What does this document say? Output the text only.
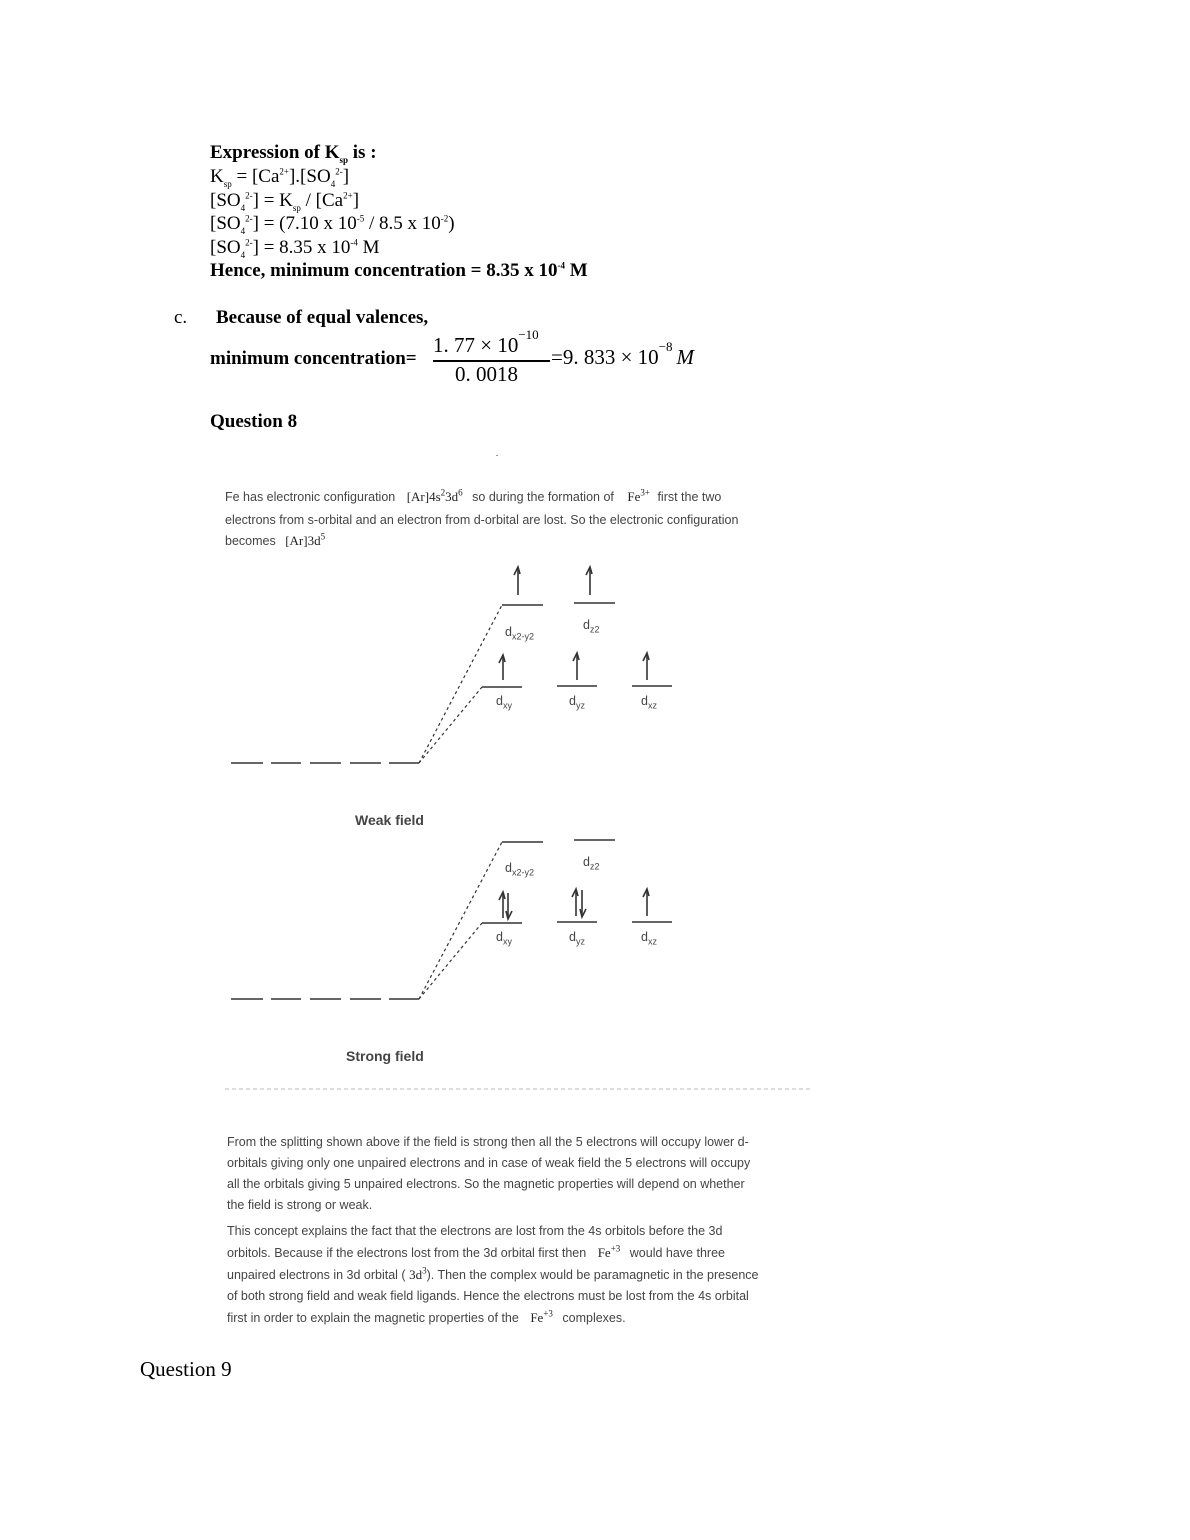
Expression of $K_{sp}$ is :
$K_{sp} = [Ca^{2+}].[SO_4^{2-}]$
$[SO_4^{2-}] = K_{sp} / [Ca^{2+}]$
$[SO_4^{2-}] = (7.10$ x $10^{-5} / 8.5$ x $10^{-2}$)
$[SO_4^{2-}] = 8.35$ x $10^{-4}$ M
Hence, minimum concentration = 8.35 x $10^{-4}$ M
c. Because of equal valences,
minimum concentration=
1. $77 \times 10^{-10}$
0. 0018
=9. $833 \times 10^{-8}$ M
Question 8
Fe has electronic configuration $[Ar]4s^23d^6$ so during the formation of $Fe^{3+}$ first the two
electrons from s-orbital and an electron from d-orbital are lost. So the electronic configuration
becomes $[Ar]3d^5$
$d_{x2-y2}$
$d_{z2}$
$d_{xy}$	$d_{yz}$	$d_{xz}$
Weak field
$d_{x2-y2}$
$d_{z2}$
$d_{xy}$	$d_{yz}$	$d_{xz}$
Strong field
From the splitting shown above if the field is strong then all the 5 electrons will occupy lower d-
orbitals giving only one unpaired electrons and in case of weak field the 5 electrons will occupy
all the orbitals giving 5 unpaired electrons. So the magnetic properties will depend on whether
the field is strong or weak.
This concept explains the fact that the electrons are lost from the 4s orbitols before the 3d
orbitols. Because if the electrons lost from the 3d orbital first then $Fe^{+3}$ would have three
unpaired electrons in 3d orbital ( $3d^3$). Then the complex would be paramagnetic in the presence
of both strong field and weak field ligands. Hence the electrons must be lost from the 4s orbital
first in order to explain the magnetic properties of the $Fe^{+3}$ complexes.
Question 9
